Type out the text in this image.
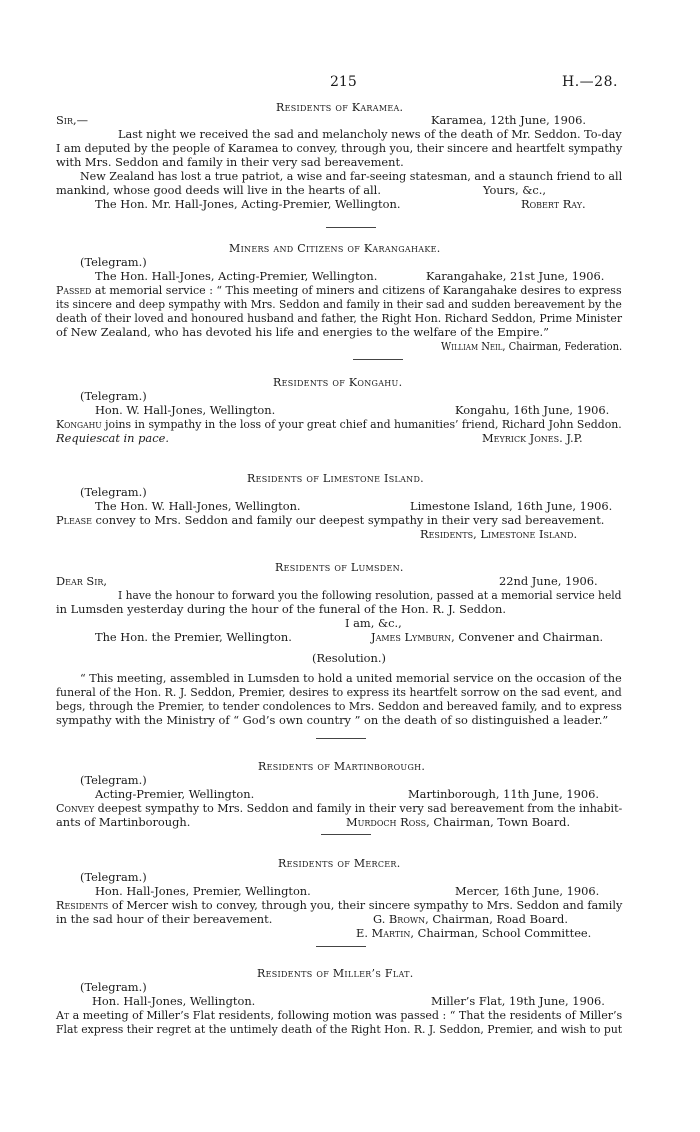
215	H.—28.
Residents of Karamea.
Sir,—	Karamea, 12th June, 1906.
Last night we received the sad and melancholy news of the death of Mr. Seddon. To-day
I am deputed by the people of Karamea to convey, through you, their sincere and heartfelt sympathy
with Mrs. Seddon and family in their very sad bereavement.
New Zealand has lost a true patriot, a wise and far-seeing statesman, and a staunch friend to all
mankind, whose good deeds will live in the hearts of all.	Yours, &c.,
The Hon. Mr. Hall-Jones, Acting-Premier, Wellington.	Robert Ray.
Miners and Citizens of Karangahake.
(Telegram.)
The Hon. Hall-Jones, Acting-Premier, Wellington.	Karangahake, 21st June, 1906.
Passed at memorial service : “ This meeting of miners and citizens of Karangahake desires to express
its sincere and deep sympathy with Mrs. Seddon and family in their sad and sudden bereavement by the
death of their loved and honoured husband and father, the Right Hon. Richard Seddon, Prime Minister
of New Zealand, who has devoted his life and energies to the welfare of the Empire.”
William Neil, Chairman, Federation.
Residents of Kongahu.
(Telegram.)
Hon. W. Hall-Jones, Wellington.	Kongahu, 16th June, 1906.
Kongahu joins in sympathy in the loss of your great chief and humanities’ friend, Richard John Seddon.
Requiescat in pace.	Meyrick Jones. J.P.
Residents of Limestone Island.
(Telegram.)
The Hon. W. Hall-Jones, Wellington.	Limestone Island, 16th June, 1906.
Please convey to Mrs. Seddon and family our deepest sympathy in their very sad bereavement.
Residents, Limestone Island.
Residents of Lumsden.
Dear Sir,	22nd June, 1906.
I have the honour to forward you the following resolution, passed at a memorial service held
in Lumsden yesterday during the hour of the funeral of the Hon. R. J. Seddon.
I am, &c.,
The Hon. the Premier, Wellington.	James Lymburn, Convener and Chairman.
(Resolution.)
“ This meeting, assembled in Lumsden to hold a united memorial service on the occasion of the
funeral of the Hon. R. J. Seddon, Premier, desires to express its heartfelt sorrow on the sad event, and
begs, through the Premier, to tender condolences to Mrs. Seddon and bereaved family, and to express
sympathy with the Ministry of “ God’s own country ” on the death of so distinguished a leader.”
Residents of Martinborough.
(Telegram.)
Acting-Premier, Wellington.	Martinborough, 11th June, 1906.
Convey deepest sympathy to Mrs. Seddon and family in their very sad bereavement from the inhabit-
ants of Martinborough.	Murdoch Ross, Chairman, Town Board.
Residents of Mercer.
(Telegram.)
Hon. Hall-Jones, Premier, Wellington.	Mercer, 16th June, 1906.
Residents of Mercer wish to convey, through you, their sincere sympathy to Mrs. Seddon and family
in the sad hour of their bereavement.	G. Brown, Chairman, Road Board.
E. Martin, Chairman, School Committee.
Residents of Miller’s Flat.
(Telegram.)
Hon. Hall-Jones, Wellington.	Miller’s Flat, 19th June, 1906.
At a meeting of Miller’s Flat residents, following motion was passed : “ That the residents of Miller’s
Flat express their regret at the untimely death of the Right Hon. R. J. Seddon, Premier, and wish to put
